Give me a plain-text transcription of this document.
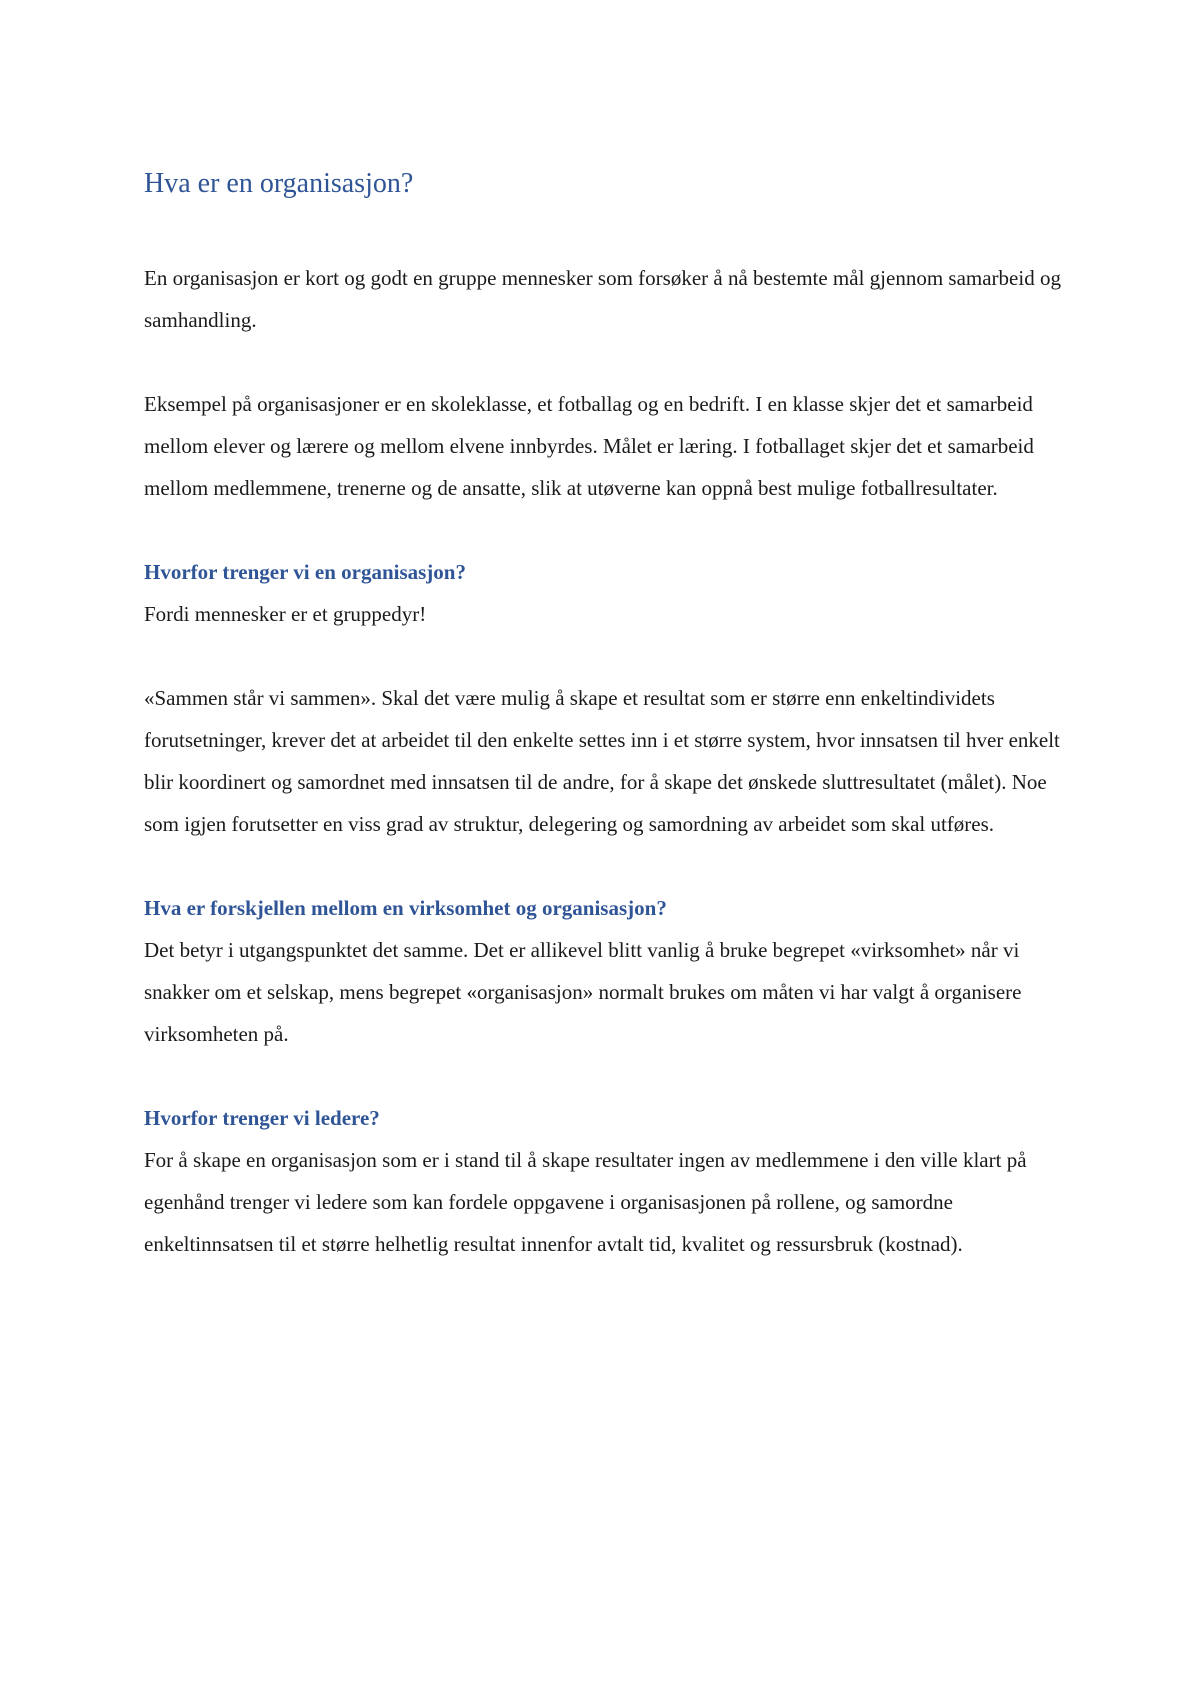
Hva er en organisasjon?

En organisasjon er kort og godt en gruppe mennesker som forsøker å nå bestemte mål gjennom samarbeid og samhandling.

Eksempel på organisasjoner er en skoleklasse, et fotballag og en bedrift. I en klasse skjer det et samarbeid mellom elever og lærere og mellom elvene innbyrdes. Målet er læring. I fotballaget skjer det et samarbeid mellom medlemmene, trenerne og de ansatte, slik at utøverne kan oppnå best mulige fotballresultater.

Hvorfor trenger vi en organisasjon?

Fordi mennesker er et gruppedyr!

«Sammen står vi sammen». Skal det være mulig å skape et resultat som er større enn enkeltindividets forutsetninger, krever det at arbeidet til den enkelte settes inn i et større system, hvor innsatsen til hver enkelt blir koordinert og samordnet med innsatsen til de andre, for å skape det ønskede sluttresultatet (målet). Noe som igjen forutsetter en viss grad av struktur, delegering og samordning av arbeidet som skal utføres.

Hva er forskjellen mellom en virksomhet og organisasjon?

Det betyr i utgangspunktet det samme. Det er allikevel blitt vanlig å bruke begrepet «virksomhet» når vi snakker om et selskap, mens begrepet «organisasjon» normalt brukes om måten vi har valgt å organisere virksomheten på.

Hvorfor trenger vi ledere?

For å skape en organisasjon som er i stand til å skape resultater ingen av medlemmene i den ville klart på egenhånd trenger vi ledere som kan fordele oppgavene i organisasjonen på rollene, og samordne enkeltinnsatsen til et større helhetlig resultat innenfor avtalt tid, kvalitet og ressursbruk (kostnad).
